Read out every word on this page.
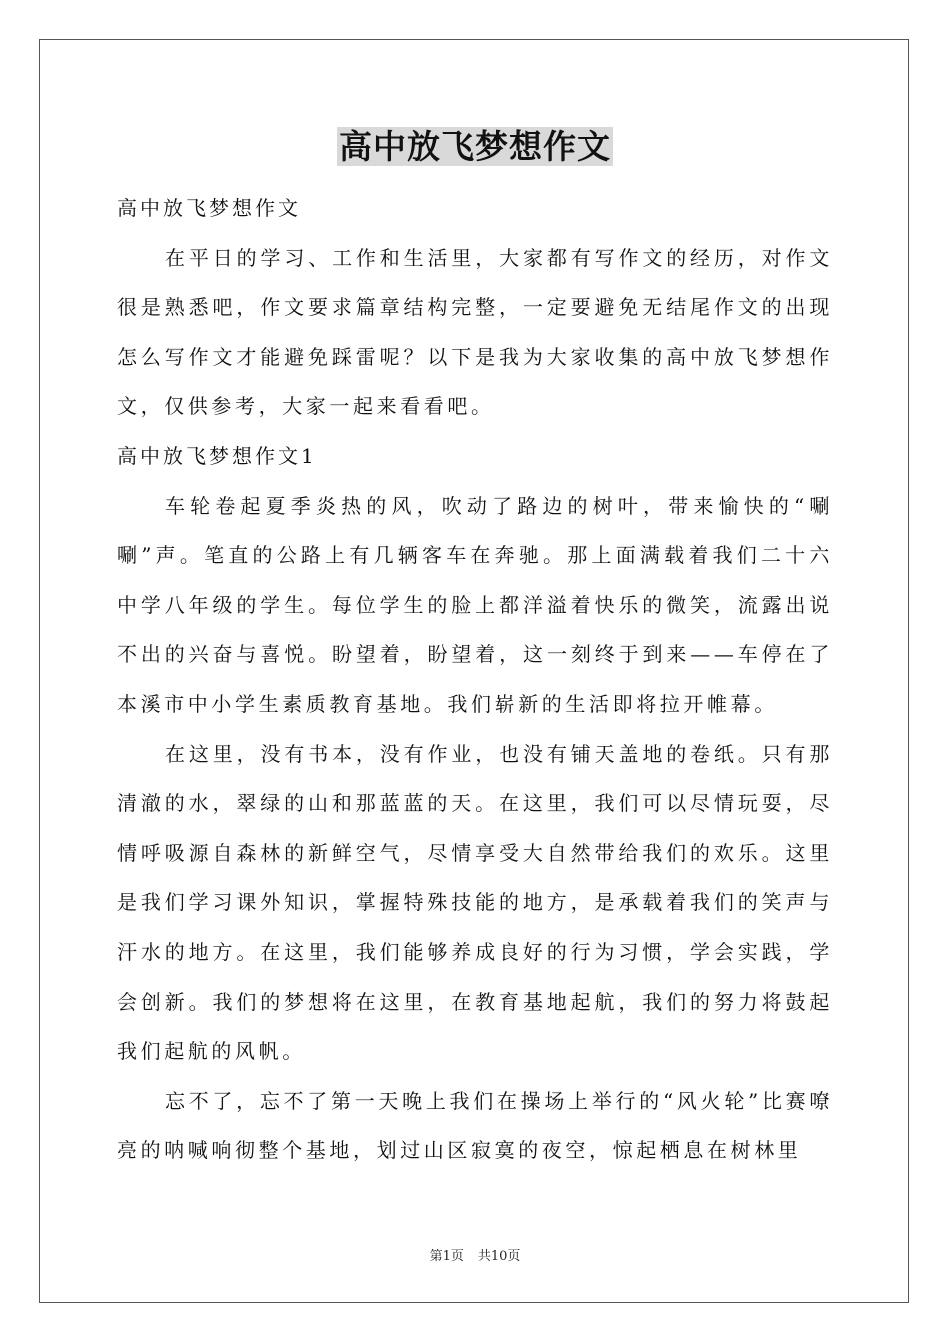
高中放飞梦想作文

高中放飞梦想作文

在平日的学习、工作和生活里，大家都有写作文的经历，对作文很是熟悉吧，作文要求篇章结构完整，一定要避免无结尾作文的出现怎么写作文才能避免踩雷呢？以下是我为大家收集的高中放飞梦想作文，仅供参考，大家一起来看看吧。

高中放飞梦想作文1

车轮卷起夏季炎热的风，吹动了路边的树叶，带来愉快的“唰唰”声。笔直的公路上有几辆客车在奔驰。那上面满载着我们二十六中学八年级的学生。每位学生的脸上都洋溢着快乐的微笑，流露出说不出的兴奋与喜悦。盼望着，盼望着，这一刻终于到来——车停在了本溪市中小学生素质教育基地。我们崭新的生活即将拉开帷幕。

在这里，没有书本，没有作业，也没有铺天盖地的卷纸。只有那清澈的水，翠绿的山和那蓝蓝的天。在这里，我们可以尽情玩耍，尽情呼吸源自森林的新鲜空气，尽情享受大自然带给我们的欢乐。这里是我们学习课外知识，掌握特殊技能的地方，是承载着我们的笑声与汗水的地方。在这里，我们能够养成良好的行为习惯，学会实践，学会创新。我们的梦想将在这里，在教育基地起航，我们的努力将鼓起我们起航的风帆。

忘不了，忘不了第一天晚上我们在操场上举行的“风火轮”比赛嘹亮的呐喊响彻整个基地，划过山区寂寞的夜空，惊起栖息在树林里

第1页 共10页
